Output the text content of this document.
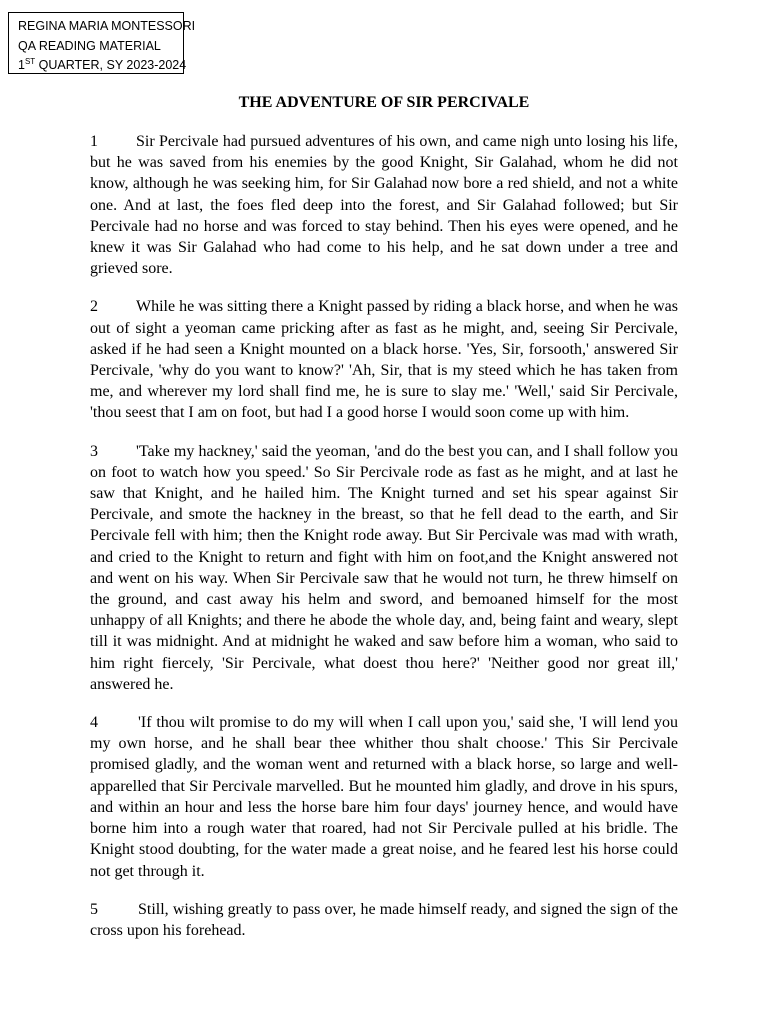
REGINA MARIA MONTESSORI
QA READING MATERIAL
1ST QUARTER, SY 2023-2024
THE ADVENTURE OF SIR PERCIVALE

1 Sir Percivale had pursued adventures of his own, and came nigh unto losing his life, but he was saved from his enemies by the good Knight, Sir Galahad, whom he did not know, although he was seeking him, for Sir Galahad now bore a red shield, and not a white one. And at last, the foes fled deep into the forest, and Sir Galahad followed; but Sir Percivale had no horse and was forced to stay behind. Then his eyes were opened, and he knew it was Sir Galahad who had come to his help, and he sat down under a tree and grieved sore.

2 While he was sitting there a Knight passed by riding a black horse, and when he was out of sight a yeoman came pricking after as fast as he might, and, seeing Sir Percivale, asked if he had seen a Knight mounted on a black horse. 'Yes, Sir, forsooth,' answered Sir Percivale, 'why do you want to know?' 'Ah, Sir, that is my steed which he has taken from me, and wherever my lord shall find me, he is sure to slay me.' 'Well,' said Sir Percivale, 'thou seest that I am on foot, but had I a good horse I would soon come up with him.

3 'Take my hackney,' said the yeoman, 'and do the best you can, and I shall follow you on foot to watch how you speed.' So Sir Percivale rode as fast as he might, and at last he saw that Knight, and he hailed him. The Knight turned and set his spear against Sir Percivale, and smote the hackney in the breast, so that he fell dead to the earth, and Sir Percivale fell with him; then the Knight rode away. But Sir Percivale was mad with wrath, and cried to the Knight to return and fight with him on foot,and the Knight answered not and went on his way. When Sir Percivale saw that he would not turn, he threw himself on the ground, and cast away his helm and sword, and bemoaned himself for the most unhappy of all Knights; and there he abode the whole day, and, being faint and weary, slept till it was midnight. And at midnight he waked and saw before him a woman, who said to him right fiercely, 'Sir Percivale, what doest thou here?' 'Neither good nor great ill,' answered he.

4	'If thou wilt promise to do my will when I call upon you,' said she, 'I will lend you my own horse, and he shall bear thee whither thou shalt choose.' This Sir Percivale promised gladly, and the woman went and returned with a black horse, so large and well-apparelled that Sir Percivale marvelled. But he mounted him gladly, and drove in his spurs, and within an hour and less the horse bare him four days' journey hence, and would have borne him into a rough water that roared, had not Sir Percivale pulled at his bridle. The Knight stood doubting, for the water made a great noise, and he feared lest his horse could not get through it.

5	Still, wishing greatly to pass over, he made himself ready, and signed the sign of the cross upon his forehead.
